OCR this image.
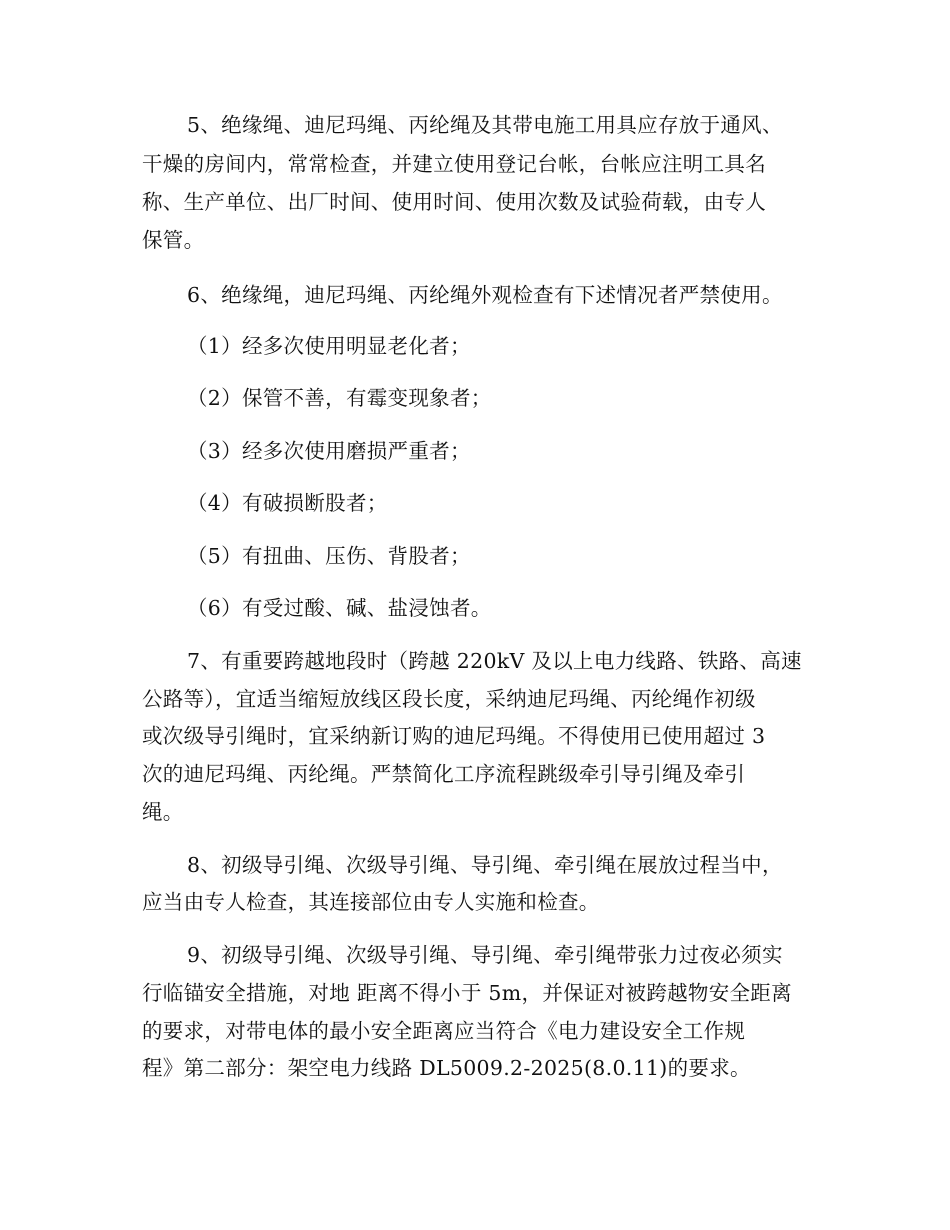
5、绝缘绳、迪尼玛绳、丙纶绳及其带电施工用具应存放于通风、
干燥的房间内，常常检查，并建立使用登记台帐，台帐应注明工具名
称、生产单位、出厂时间、使用时间、使用次数及试验荷载，由专人
保管。
6、绝缘绳，迪尼玛绳、丙纶绳外观检查有下述情况者严禁使用。
（1）经多次使用明显老化者；
（2）保管不善，有霉变现象者；
（3）经多次使用磨损严重者；
（4）有破损断股者；
（5）有扭曲、压伤、背股者；
（6）有受过酸、碱、盐浸蚀者。
7、有重要跨越地段时（跨越 220kV 及以上电力线路、铁路、高速
公路等），宜适当缩短放线区段长度，采纳迪尼玛绳、丙纶绳作初级
或次级导引绳时，宜采纳新订购的迪尼玛绳。不得使用已使用超过 3
次的迪尼玛绳、丙纶绳。严禁简化工序流程跳级牵引导引绳及牵引
绳。
8、初级导引绳、次级导引绳、导引绳、牵引绳在展放过程当中，
应当由专人检查，其连接部位由专人实施和检查。
9、初级导引绳、次级导引绳、导引绳、牵引绳带张力过夜必须实
行临锚安全措施，对地 距离不得小于 5m，并保证对被跨越物安全距离
的要求，对带电体的最小安全距离应当符合《电力建设安全工作规
程》第二部分：架空电力线路 DL5009.2-2025(8.0.11)的要求。
